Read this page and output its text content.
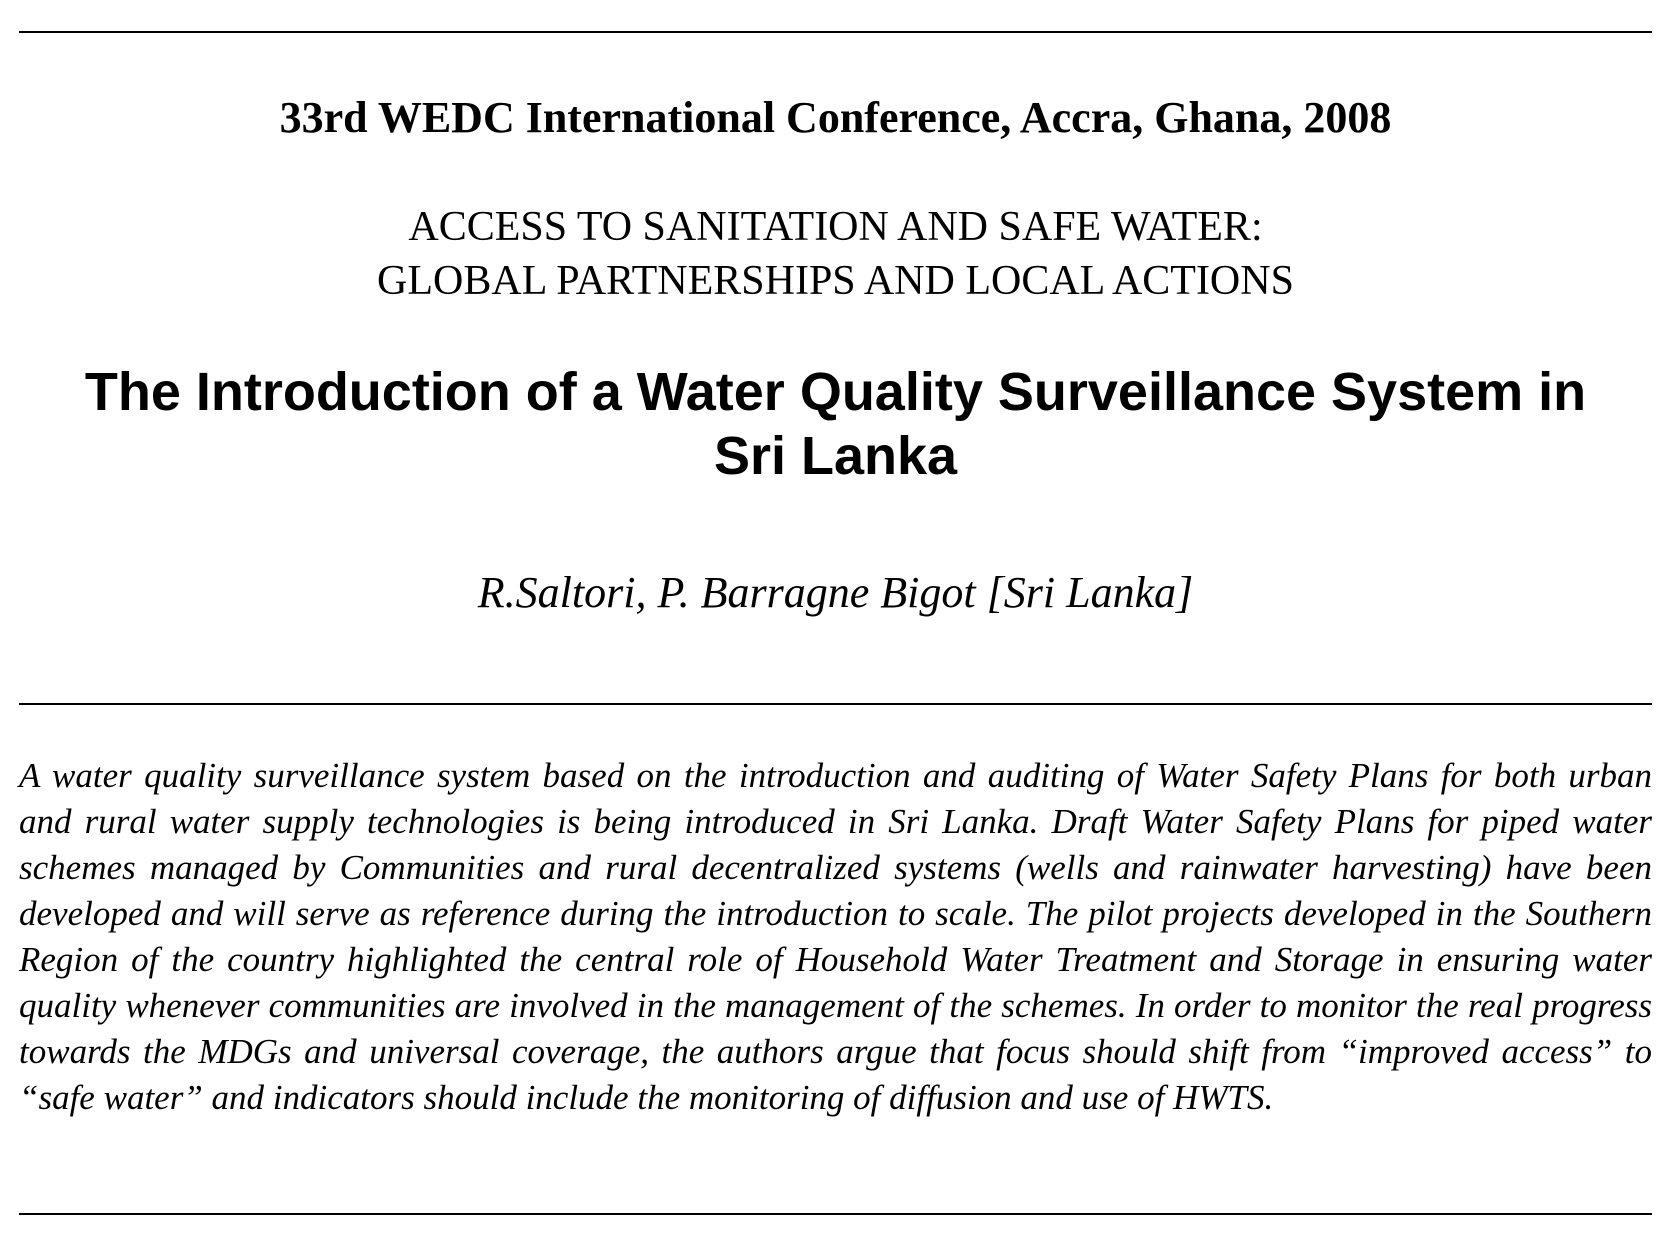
33rd WEDC International Conference, Accra, Ghana, 2008
ACCESS TO SANITATION AND SAFE WATER:
GLOBAL PARTNERSHIPS AND LOCAL ACTIONS
The Introduction of a Water Quality Surveillance System in
Sri Lanka
R.Saltori, P. Barragne Bigot [Sri Lanka]

A water quality surveillance system based on the introduction and auditing of Water Safety Plans for both urban and rural water supply technologies is being introduced in Sri Lanka. Draft Water Safety Plans for piped water schemes managed by Communities and rural decentralized systems (wells and rainwater harvesting) have been developed and will serve as reference during the introduction to scale. The pilot projects developed in the Southern Region of the country highlighted the central role of Household Water Treatment and Storage in ensuring water quality whenever communities are involved in the management of the schemes. In order to monitor the real progress towards the MDGs and universal coverage, the authors argue that focus should shift from “improved access” to “safe water” and indicators should include the monitoring of diffusion and use of HWTS.
